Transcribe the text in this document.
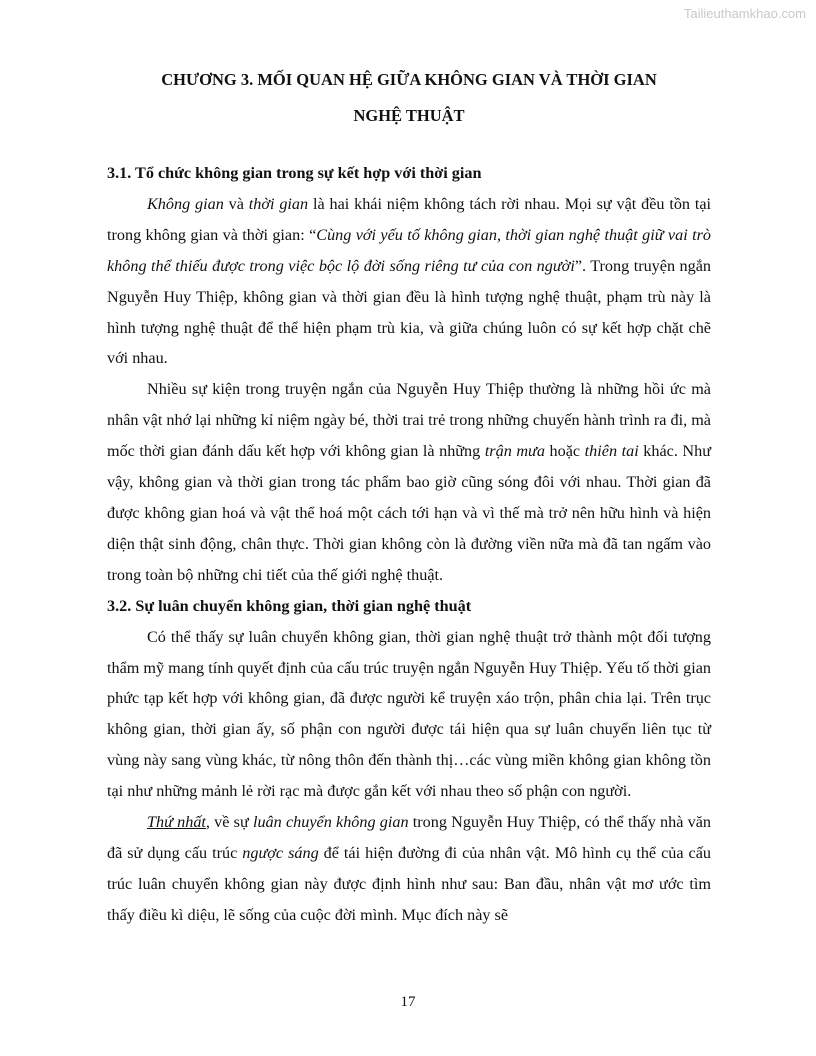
Tailieuthamkhao.com
CHƯƠNG 3. MỐI QUAN HỆ GIỮA KHÔNG GIAN VÀ THỜI GIAN
NGHỆ THUẬT

3.1. Tổ chức không gian trong sự kết hợp với thời gian

Không gian và thời gian là hai khái niệm không tách rời nhau. Mọi sự vật đều tồn tại trong không gian và thời gian: “Cùng với yếu tố không gian, thời gian nghệ thuật giữ vai trò không thể thiếu được trong việc bộc lộ đời sống riêng tư của con người”. Trong truyện ngắn Nguyễn Huy Thiệp, không gian và thời gian đều là hình tượng nghệ thuật, phạm trù này là hình tượng nghệ thuật để thể hiện phạm trù kia, và giữa chúng luôn có sự kết hợp chặt chẽ với nhau.

Nhiều sự kiện trong truyện ngắn của Nguyễn Huy Thiệp thường là những hồi ức mà nhân vật nhớ lại những kỉ niệm ngày bé, thời trai trẻ trong những chuyến hành trình ra đi, mà mốc thời gian đánh dấu kết hợp với không gian là những trận mưa hoặc thiên tai khác. Như vậy, không gian và thời gian trong tác phẩm bao giờ cũng sóng đôi với nhau. Thời gian đã được không gian hoá và vật thể hoá một cách tới hạn và vì thế mà trở nên hữu hình và hiện diện thật sinh động, chân thực. Thời gian không còn là đường viền nữa mà đã tan ngấm vào trong toàn bộ những chi tiết của thế giới nghệ thuật.

3.2. Sự luân chuyển không gian, thời gian nghệ thuật

Có thể thấy sự luân chuyển không gian, thời gian nghệ thuật trở thành một đối tượng thẩm mỹ mang tính quyết định của cấu trúc truyện ngắn Nguyễn Huy Thiệp. Yếu tố thời gian phức tạp kết hợp với không gian, đã được người kể truyện xáo trộn, phân chia lại. Trên trục không gian, thời gian ấy, số phận con người được tái hiện qua sự luân chuyển liên tục từ vùng này sang vùng khác, từ nông thôn đến thành thị…các vùng miền không gian không tồn tại như những mảnh lẻ rời rạc mà được gắn kết với nhau theo số phận con người.

Thứ nhất, về sự luân chuyển không gian trong Nguyễn Huy Thiệp, có thể thấy nhà văn đã sử dụng cấu trúc ngược sáng để tái hiện đường đi của nhân vật. Mô hình cụ thể của cấu trúc luân chuyển không gian này được định hình như sau: Ban đầu, nhân vật mơ ước tìm thấy điều kì diệu, lẽ sống của cuộc đời mình. Mục đích này sẽ

17
